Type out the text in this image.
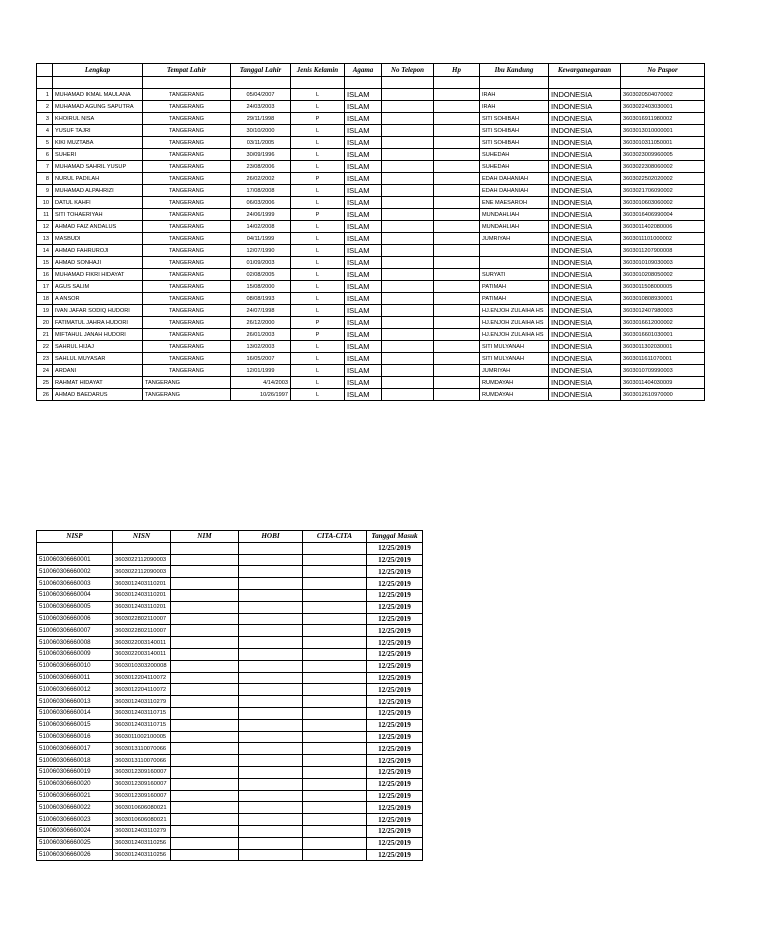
	Lengkap	Tempat Lahir	Tanggal Lahir	Jenis Kelamin	Agama	No Telepon	Hp	Ibu Kandung	Kewarganegaraan	No Paspor

1	MUHAMAD IKMAL MAULANA	TANGERANG	05/04/2007	L	ISLAM			IRAH	INDONESIA	3603020504070002
2	MUHAMAD AGUNG SAPUTRA	TANGERANG	24/03/2003	L	ISLAM			IRAH	INDONESIA	3603022403030001
3	KHOIRUL NISA	TANGERANG	29/11/1998	P	ISLAM			SITI SOHIBAH	INDONESIA	3603016911980002
4	YUSUF TAJRI	TANGERANG	30/10/2000	L	ISLAM			SITI SOHIBAH	INDONESIA	3603013010000001
5	KIKI MUZTABA	TANGERANG	03/11/2005	L	ISLAM			SITI SOHIBAH	INDONESIA	3603010311050001
6	SUHERI	TANGERANG	30/09/1996	L	ISLAM			SUHEDAH	INDONESIA	3603023009960005
7	MUHAMAD SAHRIL YUSUP	TANGERANG	23/08/2006	L	ISLAM			SUHEDAH	INDONESIA	3603022308060002
8	NURUL PADILAH	TANGERANG	26/02/2002	P	ISLAM			EDAH DAHANIAH	INDONESIA	3603022502020002
9	MUHAMAD ALPAHRIZI	TANGERANG	17/08/2008	L	ISLAM			EDAH DAHANIAH	INDONESIA	3603021706090002
10	DATUL KAHFI	TANGERANG	06/03/2006	L	ISLAM			ENE MAESAROH	INDONESIA	3603010603060002
11	SITI TOHAERIYAH	TANGERANG	24/06/1999	P	ISLAM			MUNDAHLIAH	INDONESIA	3603016406990004
12	AHMAD FAIZ ANDALUS	TANGERANG	14/02/2008	L	ISLAM			MUNDAHLIAH	INDONESIA	3603011402080006
13	MASBUDI	TANGERANG	04/11/1999	L	ISLAM			JUMRIYAH	INDONESIA	3603011101000002
14	AHMAD FAHRUROJI	TANGERANG	12/07/1990	L	ISLAM				INDONESIA	3603011207900008
15	AHMAD SONHAJI	TANGERANG	01/09/2003	L	ISLAM				INDONESIA	3603010109030003
16	MUHAMAD FIKRI HIDAYAT	TANGERANG	02/08/2005	L	ISLAM			SURYATI	INDONESIA	3603010208050002
17	AGUS SALIM	TANGERANG	15/08/2000	L	ISLAM			PATIMAH	INDONESIA	3603011508000005
18	A ANSOR	TANGERANG	08/08/1993	L	ISLAM			PATIMAH	INDONESIA	3603010808930001
19	IVAN JAFAR SODIQ HUDORI	TANGERANG	24/07/1998	L	ISLAM			HJ.ENJOH ZULAIHA HS	INDONESIA	3603012407980003
20	FATIMATUL JAHRA HUDORI	TANGERANG	26/12/2000	P	ISLAM			HJ.ENJOH ZULAIHA HS	INDONESIA	3603016612000002
21	MIFTAHUL JANAH HUDORI	TANGERANG	26/01/2003	P	ISLAM			HJ.ENJOH ZULAIHA HS	INDONESIA	3603016601030001
22	SAHRUL HIJAJ	TANGERANG	13/02/2003	L	ISLAM			SITI MULYANAH	INDONESIA	3603011302030001
23	SAHLUL MUYASAR	TANGERANG	16/05/2007	L	ISLAM			SITI MULYANAH	INDONESIA	3603011611070001
24	ARDANI	TANGERANG	12/01/1999	L	ISLAM			JUMRIYAH	INDONESIA	3603010709990003
25	RAHMAT HIDAYAT	TANGERANG	4/14/2003	L	ISLAM			RUMDAYAH	INDONESIA	3603011404030009
26	AHMAD BAEDARUS	TANGERANG	10/26/1997	L	ISLAM			RUMDAYAH	INDONESIA	3603012610970000
NISP	NISN	NIM	HOBI	CITA-CITA	Tanggal Masuk
					12/25/2019
510060306660001	3603022112090003				12/25/2019
510060306660002	3603022112090003				12/25/2019
510060306660003	3603012403110201				12/25/2019
510060306660004	3603012403110201				12/25/2019
510060306660005	3603012403110201				12/25/2019
510060306660006	3603022802110007				12/25/2019
510060306660007	3603022802110007				12/25/2019
510060306660008	3603022003140011				12/25/2019
510060306660009	3603022003140011				12/25/2019
510060306660010	3603010303200008				12/25/2019
510060306660011	3603012204110072				12/25/2019
510060306660012	3603012204110072				12/25/2019
510060306660013	3603012403110279				12/25/2019
510060306660014	3603012403110715				12/25/2019
510060306660015	3603012403110715				12/25/2019
510060306660016	3603011002100005				12/25/2019
510060306660017	3603013110070066				12/25/2019
510060306660018	3603013110070066				12/25/2019
510060306660019	3603012309160007				12/25/2019
510060306660020	3603012309160007				12/25/2019
510060306660021	3603012309160007				12/25/2019
510060306660022	3603010606080021				12/25/2019
510060306660023	3603010606080021				12/25/2019
510060306660024	3603012403110279				12/25/2019
510060306660025	3603012403110256				12/25/2019
510060306660026	3603012403110256				12/25/2019
